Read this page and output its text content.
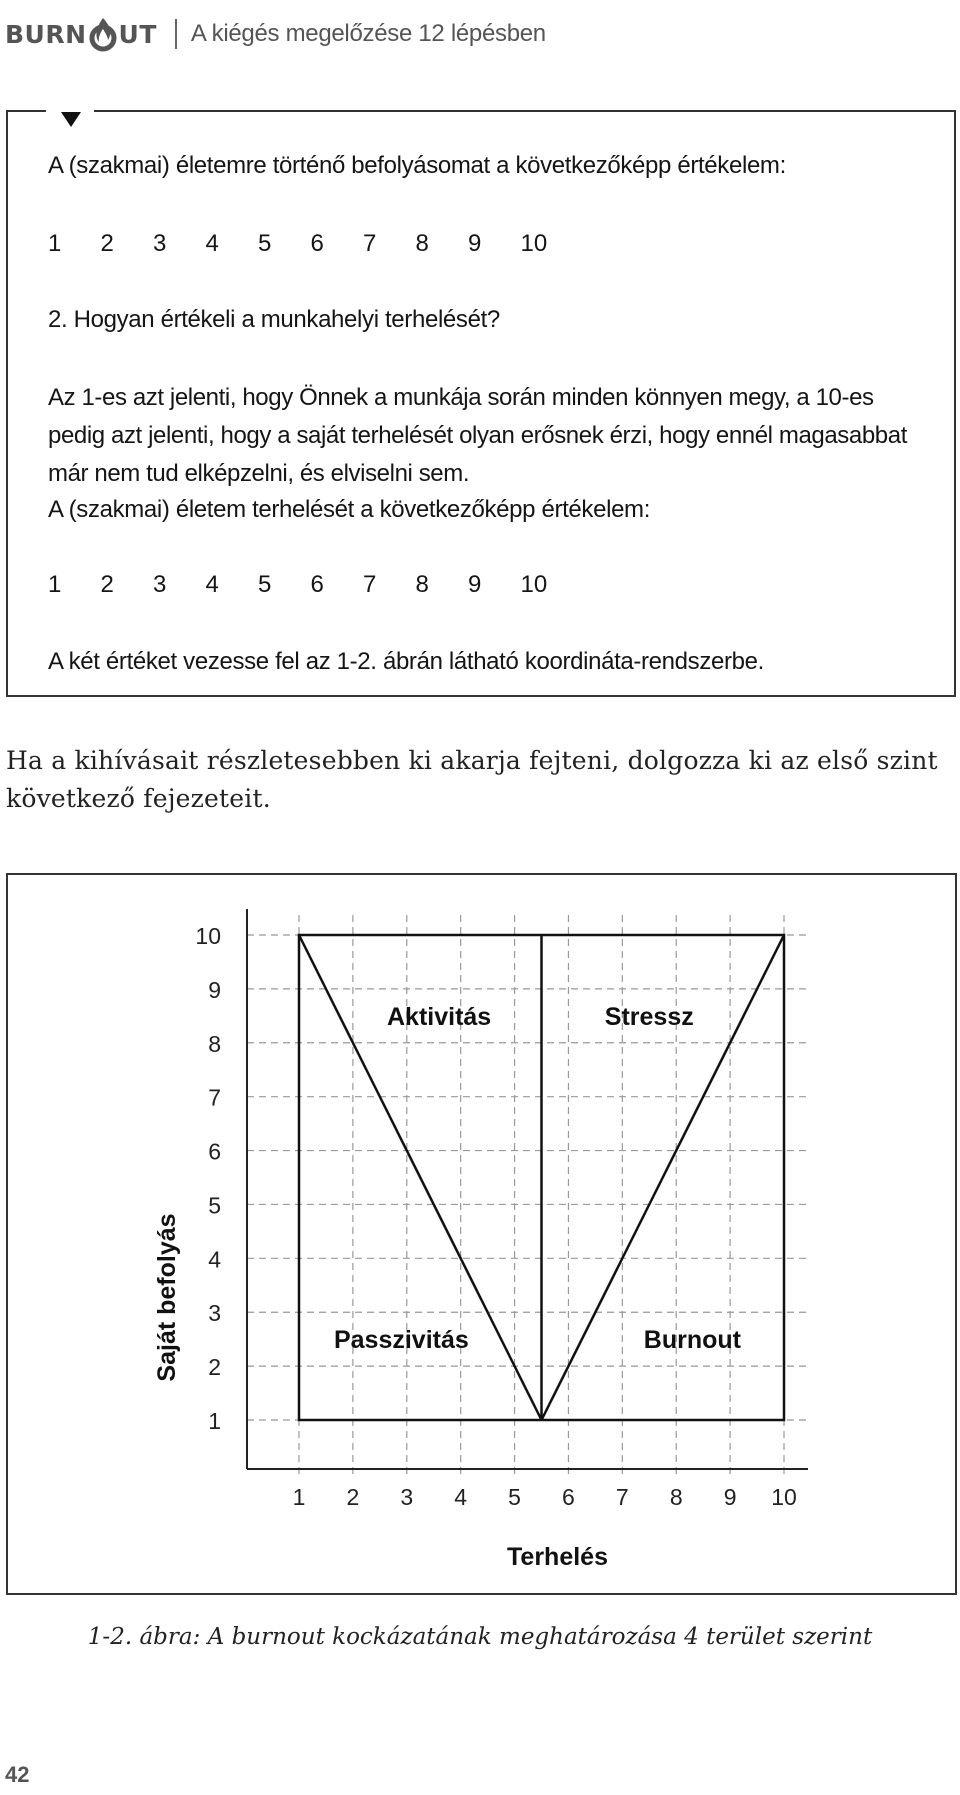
BURN UT A kiégés megelőzése 12 lépésben
A (szakmai) életemre történő befolyásomat a következőképp értékelem:
1	2	3	4	5	6	7	8	9	10
2. Hogyan értékeli a munkahelyi terhelését?
Az 1-es azt jelenti, hogy Önnek a munkája során minden könnyen megy, a 10-es pedig azt jelenti, hogy a saját terhelését olyan erősnek érzi, hogy ennél magasabbat már nem tud elképzelni, és elviselni sem.
A (szakmai) életem terhelését a következőképp értékelem:
1	2	3	4	5	6	7	8	9	10
A két értéket vezesse fel az 1-2. ábrán látható koordináta-rendszerbe.
Ha a kihívásait részletesebben ki akarja fejteni, dolgozza ki az első szint következő fejezeteit.
1
2
3
4
5
6
7
8
9
10
1 2 3 4 5 6 7 8 9 10
Terhelés
Saját befolyás
Aktivitás	Stressz
Passzivitás	Burnout
1-2. ábra: A burnout kockázatának meghatározása 4 terület szerint
42
